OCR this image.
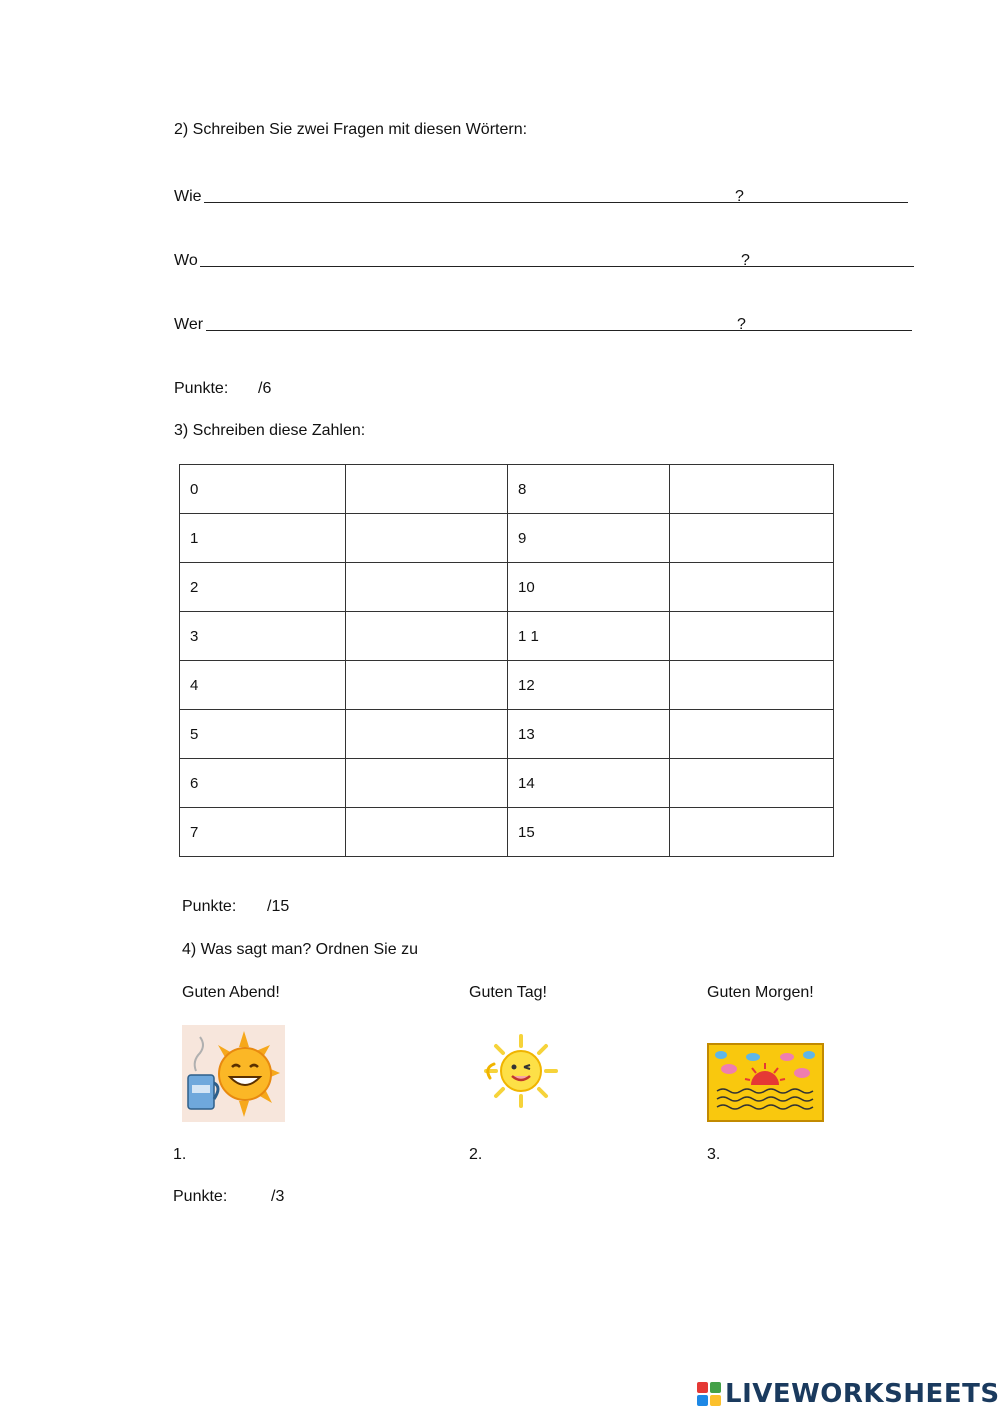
2) Schreiben Sie zwei Fragen mit diesen Wörtern:
Wie	?
Wo	?
Wer	?
Punkte: /6
3) Schreiben diese Zahlen:
0		8	
1		9	
2		10	
3		1 1	
4		12	
5		13	
6		14	
7		15	
Punkte: /15
4) Was sagt man? Ordnen Sie zu
Guten Abend!	Guten Tag!	Guten Morgen!
1.	2.	3.
Punkte:	/3
LIVEWORKSHEETS
